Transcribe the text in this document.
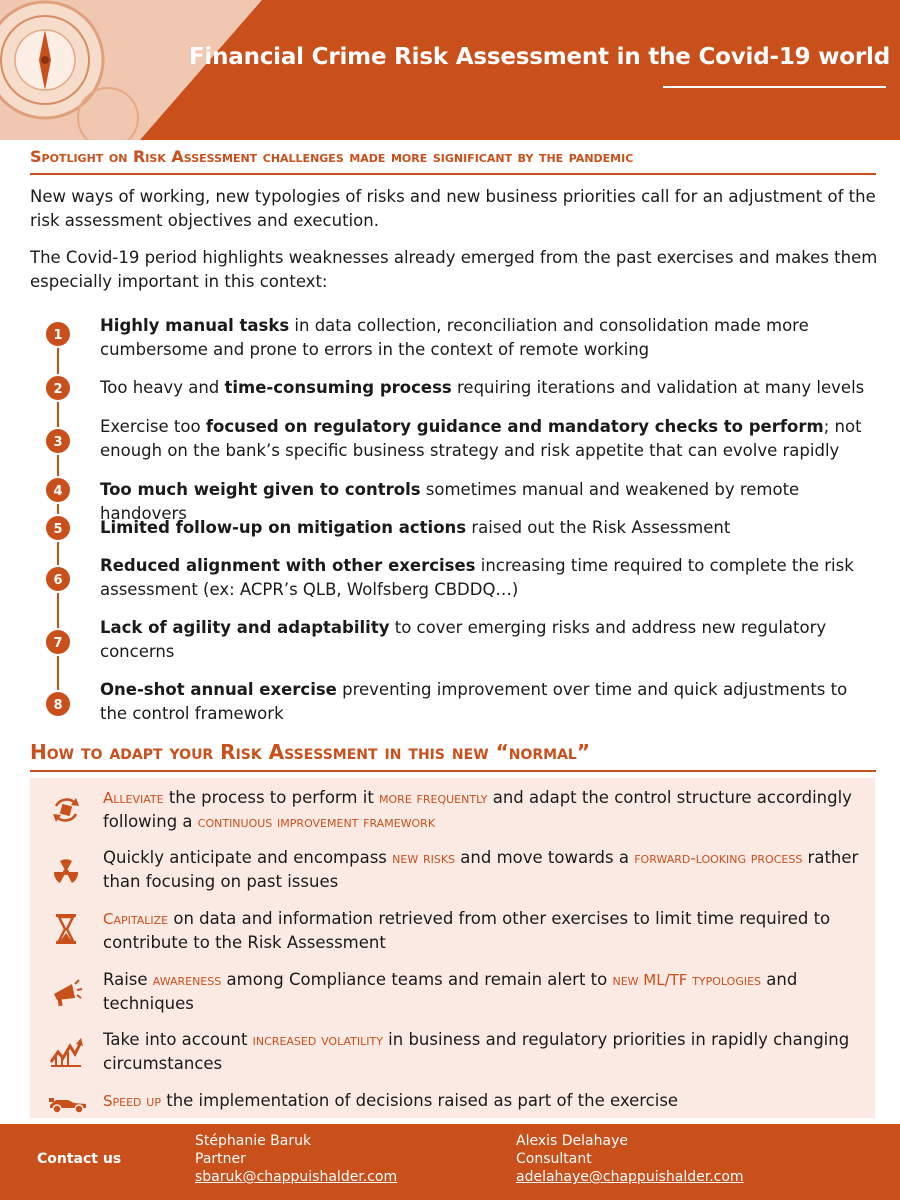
Financial Crime Risk Assessment in the Covid-19 world
Spotlight on Risk Assessment challenges made more significant by the pandemic
New ways of working, new typologies of risks and new business priorities call for an adjustment of the risk assessment objectives and execution.
The Covid-19 period highlights weaknesses already emerged from the past exercises and makes them especially important in this context:
1
Highly manual tasks in data collection, reconciliation and consolidation made more cumbersome and prone to errors in the context of remote working
2	Too heavy and time-consuming process requiring iterations and validation at many levels
3
Exercise too focused on regulatory guidance and mandatory checks to perform; not enough on the bank’s specific business strategy and risk appetite that can evolve rapidly
4	Too much weight given to controls sometimes manual and weakened by remote handovers
5	Limited follow-up on mitigation actions raised out the Risk Assessment
6
Reduced alignment with other exercises increasing time required to complete the risk assessment (ex: ACPR’s QLB, Wolfsberg CBDDQ…)
7
Lack of agility and adaptability to cover emerging risks and address new regulatory concerns
8
One-shot annual exercise preventing improvement over time and quick adjustments to the control framework
How to adapt your Risk Assessment in this new “normal”
Alleviate the process to perform it more frequently and adapt the control structure accordingly following a continuous improvement framework
Quickly anticipate and encompass new risks and move towards a forward-looking process rather than focusing on past issues
Capitalize on data and information retrieved from other exercises to limit time required to contribute to the Risk Assessment
Raise awareness among Compliance teams and remain alert to new ML/TF typologies and techniques
Take into account increased volatility in business and regulatory priorities in rapidly changing circumstances
Speed up the implementation of decisions raised as part of the exercise
Contact us
Stéphanie Baruk
Partner
sbaruk@chappuishalder.com
Alexis Delahaye
Consultant
adelahaye@chappuishalder.com
